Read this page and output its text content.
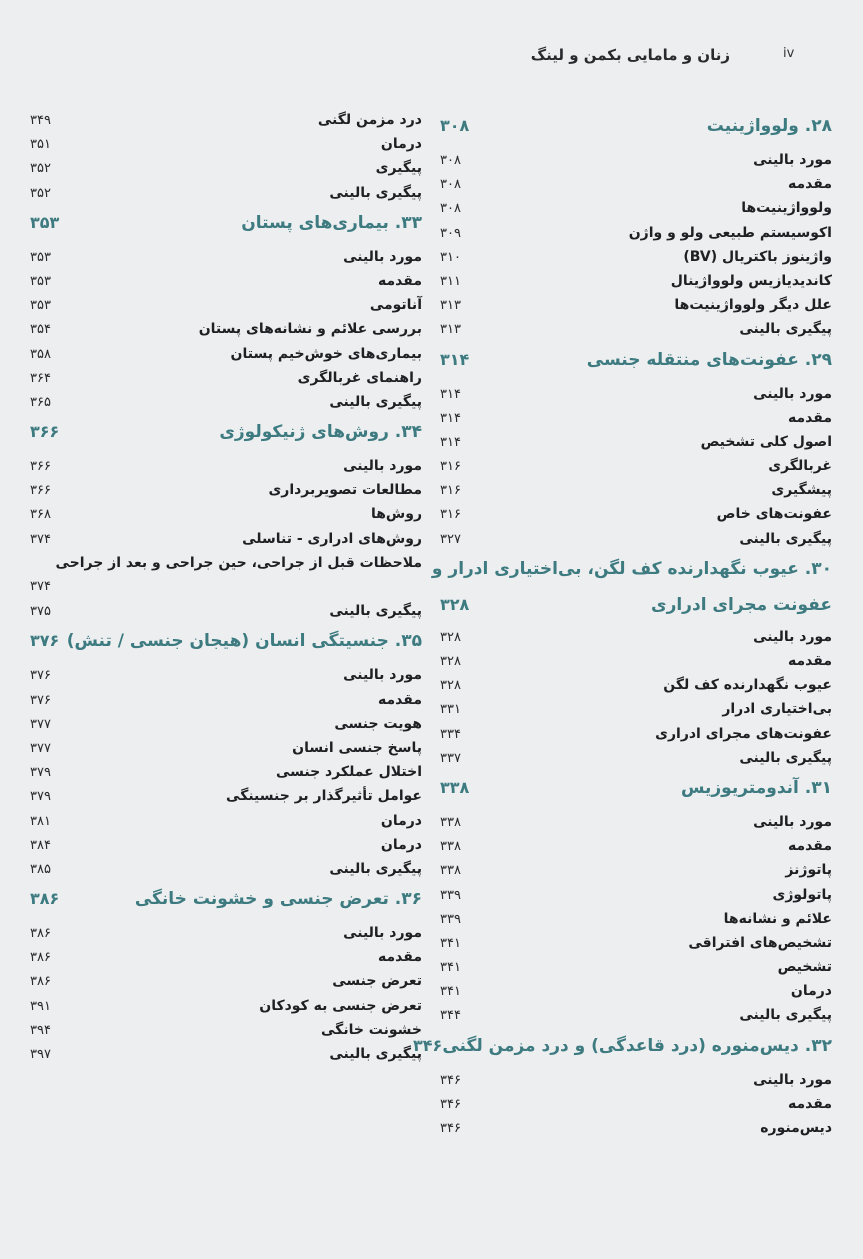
زنان و مامایی بکمن و لینگ	iv
۲۸. ولوواژینیت
۳۰۸
مورد بالینی
۳۰۸
مقدمه
۳۰۸
ولوواژینیت‌ها
۳۰۸
اکوسیستم طبیعی ولو و واژن
۳۰۹
واژینوز باکتریال (BV)
۳۱۰
کاندیدیازیس ولوواژینال
۳۱۱
علل دیگر ولوواژینیت‌ها
۳۱۳
پیگیری بالینی
۳۱۳
۲۹. عفونت‌های منتقله جنسی
۳۱۴
مورد بالینی
۳۱۴
مقدمه
۳۱۴
اصول کلی تشخیص
۳۱۴
غربالگری
۳۱۶
پیشگیری
۳۱۶
عفونت‌های خاص
۳۱۶
پیگیری بالینی
۳۲۷
۳۰. عیوب نگهدارنده کف لگن، بی‌اختیاری ادرار و
عفونت مجرای ادراری
۳۲۸
مورد بالینی
۳۲۸
مقدمه
۳۲۸
عیوب نگهدارنده کف لگن
۳۲۸
بی‌اختیاری ادرار
۳۳۱
عفونت‌های مجرای ادراری
۳۳۴
پیگیری بالینی
۳۳۷
۳۱. آندومتریوزیس
۳۳۸
مورد بالینی
۳۳۸
مقدمه
۳۳۸
پاتوژنز
۳۳۸
پاتولوژی
۳۳۹
علائم و نشانه‌ها
۳۳۹
تشخیص‌های افتراقی
۳۴۱
تشخیص
۳۴۱
درمان
۳۴۱
پیگیری بالینی
۳۴۴
۳۲. دیس‌منوره (درد قاعدگی) و درد مزمن لگنی
۳۴۶
مورد بالینی
۳۴۶
مقدمه
۳۴۶
دیس‌منوره
۳۴۶
درد مزمن لگنی
۳۴۹
درمان
۳۵۱
پیگیری
۳۵۲
پیگیری بالینی
۳۵۲
۳۳. بیماری‌های پستان
۳۵۳
مورد بالینی
۳۵۳
مقدمه
۳۵۳
آناتومی
۳۵۳
بررسی علائم و نشانه‌های پستان
۳۵۴
بیماری‌های خوش‌خیم پستان
۳۵۸
راهنمای غربالگری
۳۶۴
پیگیری بالینی
۳۶۵
۳۴. روش‌های ژنیکولوژی
۳۶۶
مورد بالینی
۳۶۶
مطالعات تصویربرداری
۳۶۶
روش‌ها
۳۶۸
روش‌های ادراری - تناسلی
۳۷۴
ملاحظات قبل از جراحی، حین جراحی و بعد از جراحی
۳۷۴
پیگیری بالینی
۳۷۵
۳۵. جنسیتگی انسان (هیجان جنسی / تنش)
۳۷۶
مورد بالینی
۳۷۶
مقدمه
۳۷۶
هویت جنسی
۳۷۷
پاسخ جنسی انسان
۳۷۷
اختلال عملکرد جنسی
۳۷۹
عوامل تأثیرگذار بر جنسینگی
۳۷۹
درمان
۳۸۱
درمان
۳۸۴
پیگیری بالینی
۳۸۵
۳۶. تعرض جنسی و خشونت خانگی
۳۸۶
مورد بالینی
۳۸۶
مقدمه
۳۸۶
تعرض جنسی
۳۸۶
تعرض جنسی به کودکان
۳۹۱
خشونت خانگی
۳۹۴
پیگیری بالینی
۳۹۷
